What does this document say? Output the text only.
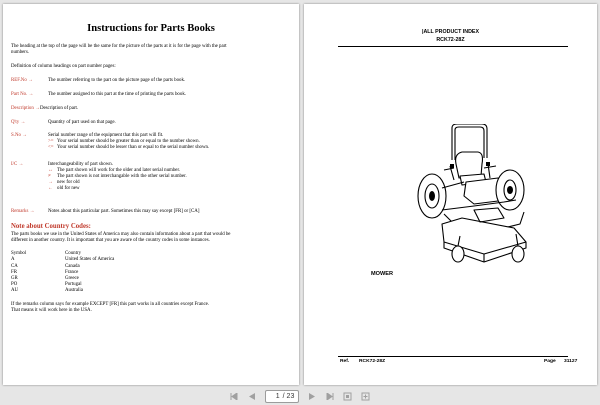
Instructions for Parts Books
The heading at the top of the page will be the same for the picture of the parts at it is for the page with the part
numbers.
Definition of column headings on part number pages:
REF.No →	The number referring to the part on the picture page of the parts book.
Part No. →	The number assigned to this part at the time of printing the parts book.
Description →Description of part.
Q'ty →	Quantity of part used on that page.
S.No →	Serial number range of the equipment that this part will fit.
>= Your serial number should be greater than or equal to the number shown.
<= Your serial number should be lesser than or equal to the serial number shown.
I/C →	Interchangeability of part shown.
↔ The part shown will work for the older and later serial number.
≠ The part shown is not interchangable with the other serial number.
→ new for old
← old for new
Remarks →	Notes about this particular part. Sometimes this may say except [FR] or [CA]
Note about Country Codes:
The parts books we use in the United States of America may also contain information about a part that would be
different in another country. It is important that you are aware of the country codes in some instances.
Symbol	Country
A	United States of America
CA	Canada
FR	France
GR	Greece
PO	Portugal
AU	Australia
If the remarks column says for example EXCEPT [FR] this part works in all countries except France.
That means it will work here in the USA.
|ALL PRODUCT INDEX
RCK72-28Z
MOWER
Ref. RCK72-28Z	Page 31127
1
/ 23
